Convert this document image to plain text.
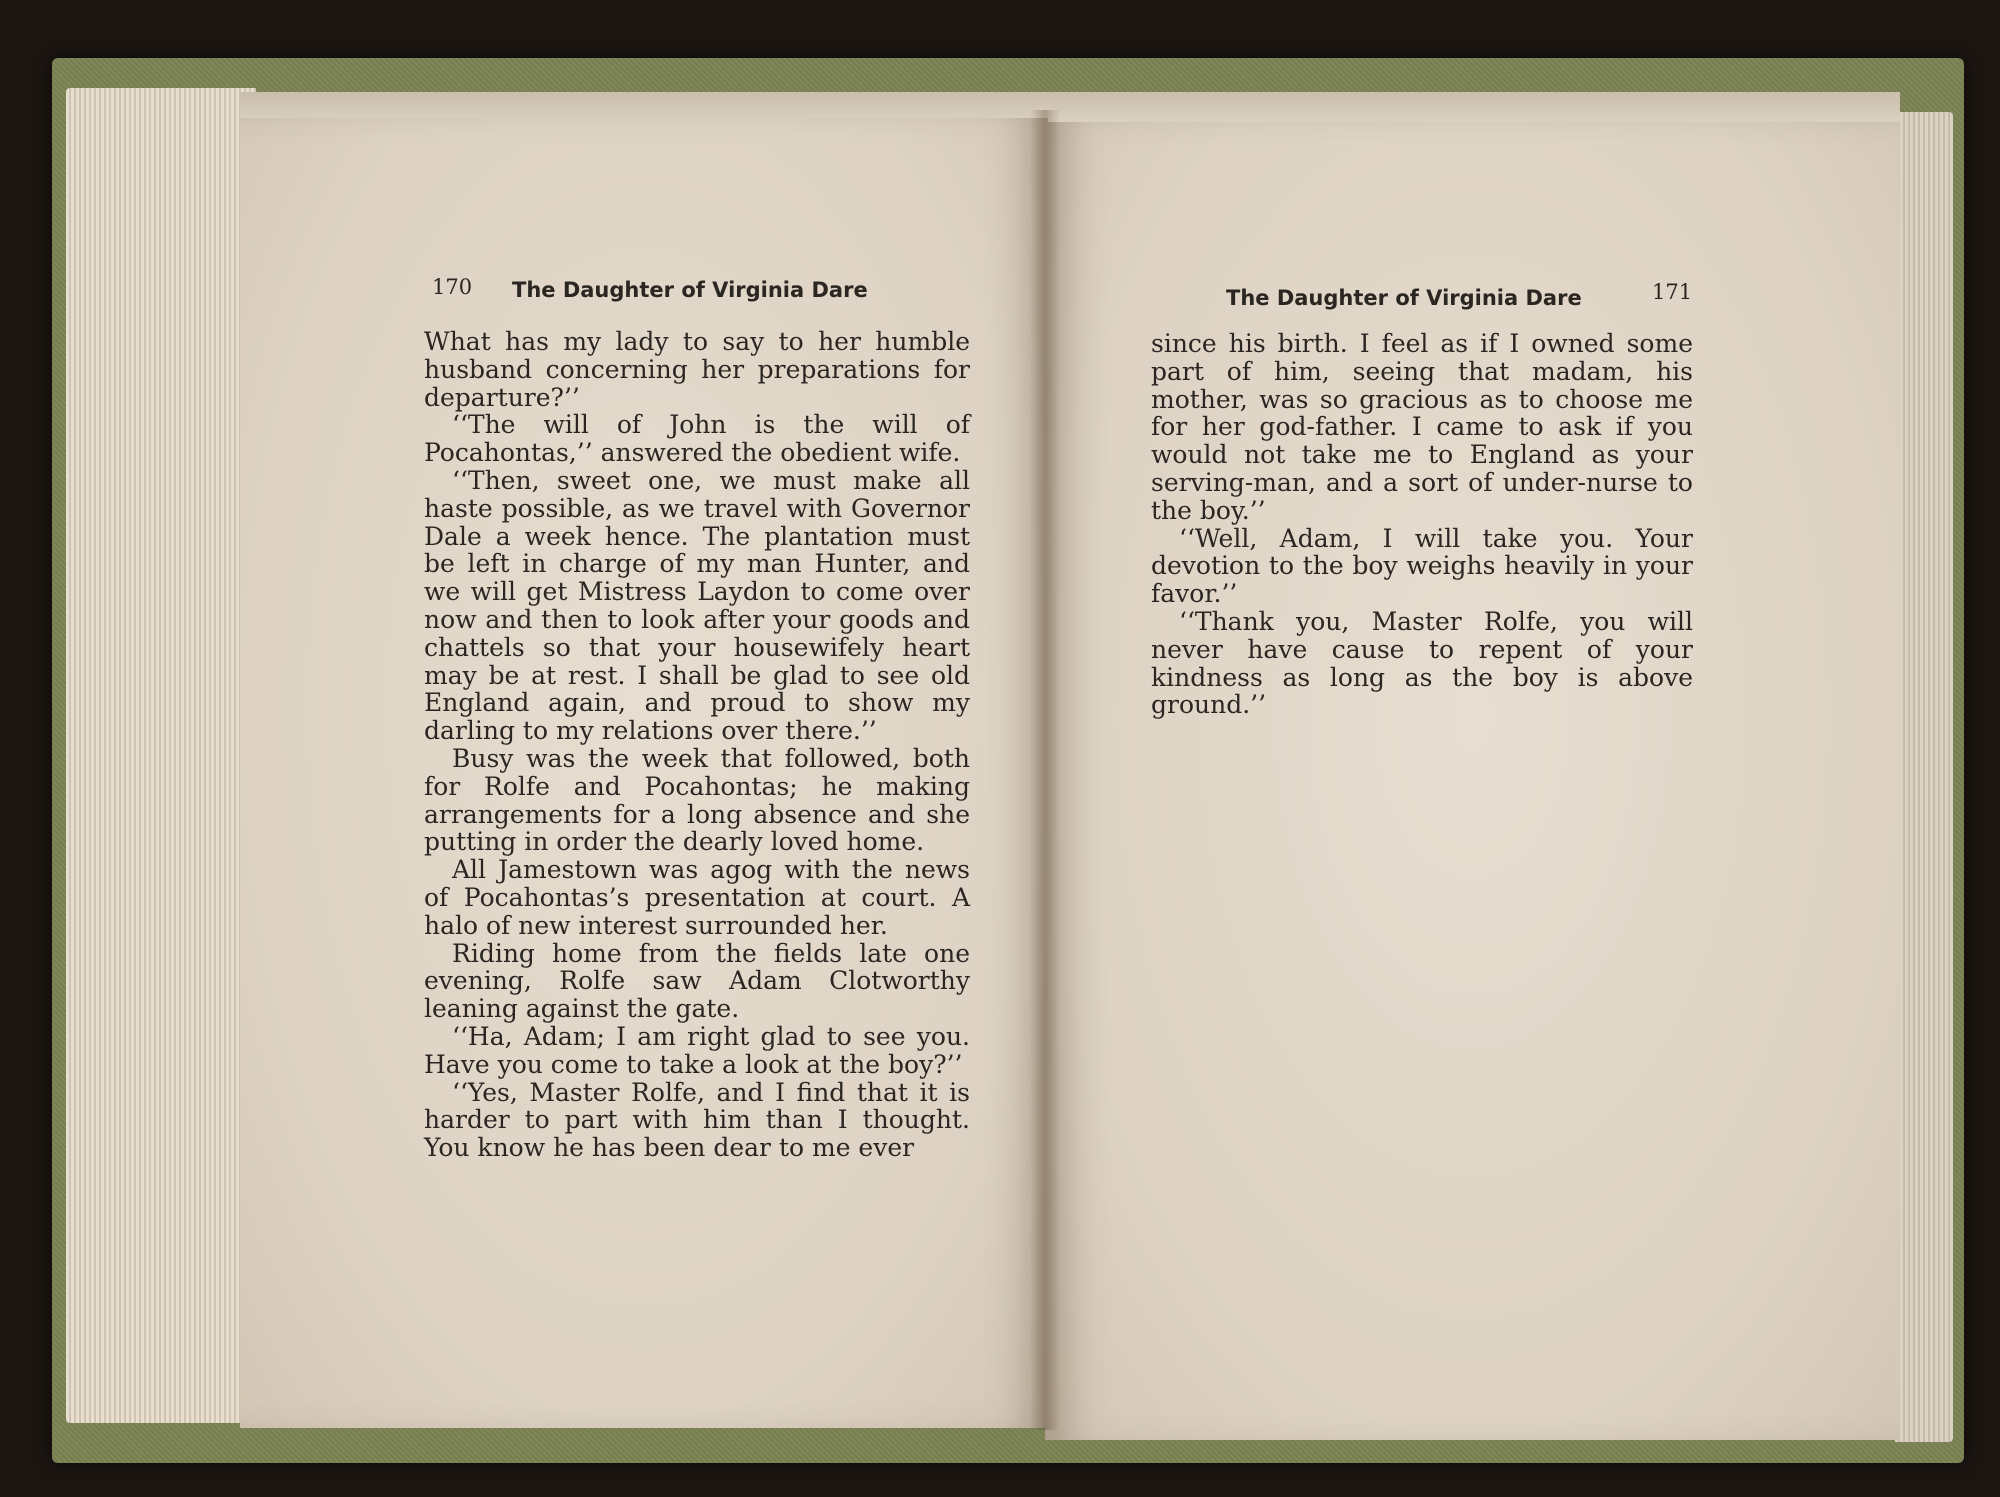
170 The Daughter of Virginia Dare	The Daughter of Virginia Dare	171

What has my lady to say to her humble husband concerning her preparations for departure?’’

‘‘The will of John is the will of Pocahontas,’’ answered the obedient wife.

‘‘Then, sweet one, we must make all haste possible, as we travel with Governor Dale a week hence. The plantation must be left in charge of my man Hunter, and we will get Mistress Laydon to come over now and then to look after your goods and chattels so that your housewifely heart may be at rest. I shall be glad to see old England again, and proud to show my darling to my relations over there.’’

Busy was the week that followed, both for Rolfe and Pocahontas; he making arrangements for a long absence and she putting in order the dearly loved home.

All Jamestown was agog with the news of Pocahontas’s presentation at court. A halo of new interest surrounded her.

Riding home from the fields late one evening, Rolfe saw Adam Clotworthy leaning against the gate.

‘‘Ha, Adam; I am right glad to see you. Have you come to take a look at the boy?’’

‘‘Yes, Master Rolfe, and I find that it is harder to part with him than I thought. You know he has been dear to me ever

since his birth. I feel as if I owned some part of him, seeing that madam, his mother, was so gracious as to choose me for her god-father. I came to ask if you would not take me to England as your serving-man, and a sort of under-nurse to the boy.’’

‘‘Well, Adam, I will take you. Your devotion to the boy weighs heavily in your favor.’’

‘‘Thank you, Master Rolfe, you will never have cause to repent of your kindness as long as the boy is above ground.’’
